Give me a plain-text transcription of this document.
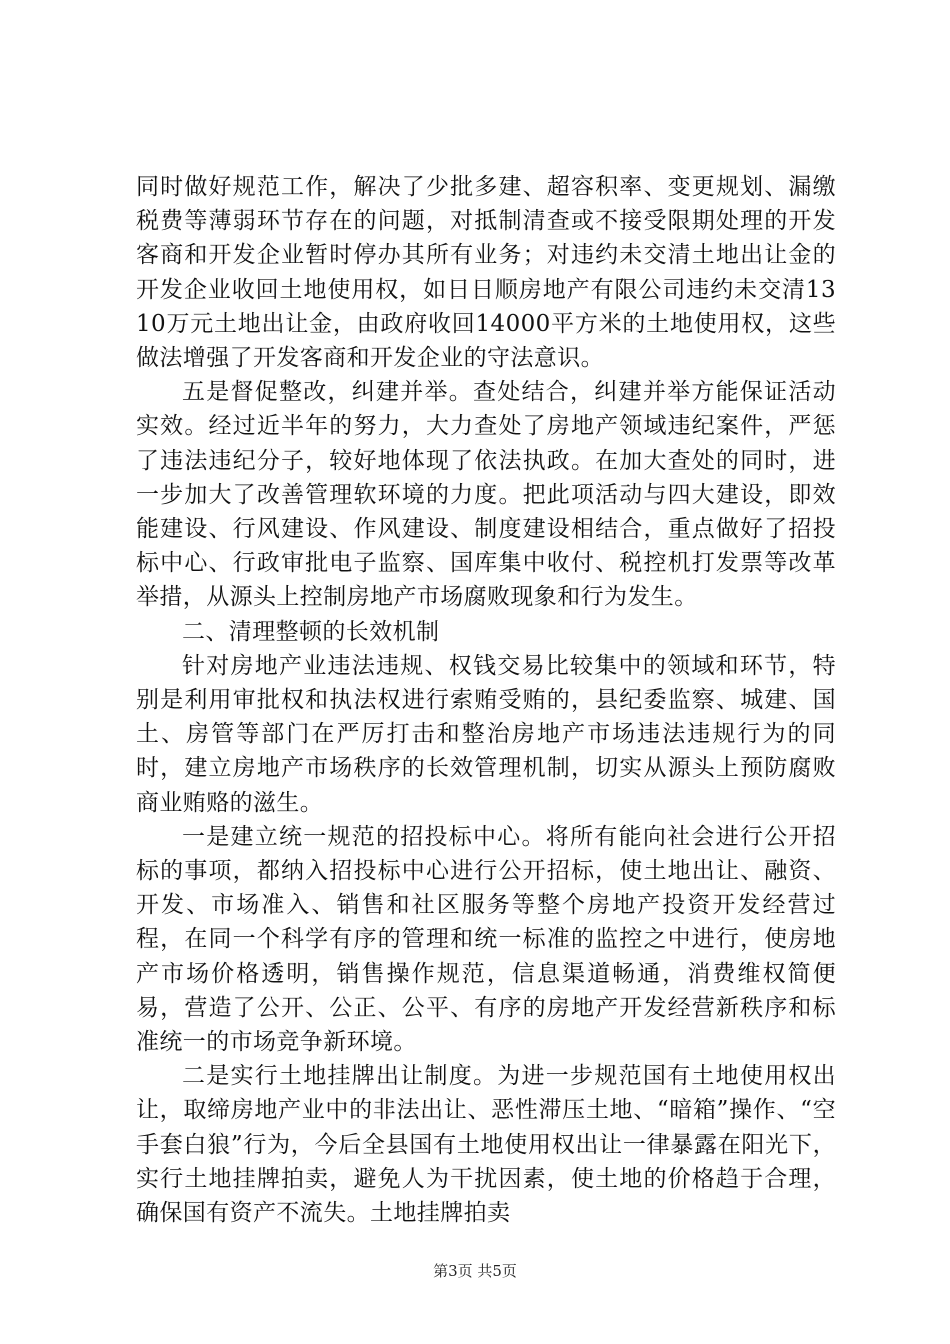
同时做好规范工作，解决了少批多建、超容积率、变更规划、漏缴税费等薄弱环节存在的问题，对抵制清查或不接受限期处理的开发客商和开发企业暂时停办其所有业务；对违约未交清土地出让金的开发企业收回土地使用权，如日日顺房地产有限公司违约未交清1310万元土地出让金，由政府收回14000平方米的土地使用权，这些做法增强了开发客商和开发企业的守法意识。

五是督促整改，纠建并举。查处结合，纠建并举方能保证活动实效。经过近半年的努力，大力查处了房地产领域违纪案件，严惩了违法违纪分子，较好地体现了依法执政。在加大查处的同时，进一步加大了改善管理软环境的力度。把此项活动与四大建设，即效能建设、行风建设、作风建设、制度建设相结合，重点做好了招投标中心、行政审批电子监察、国库集中收付、税控机打发票等改革举措，从源头上控制房地产市场腐败现象和行为发生。

二、清理整顿的长效机制

针对房地产业违法违规、权钱交易比较集中的领域和环节，特别是利用审批权和执法权进行索贿受贿的，县纪委监察、城建、国土、房管等部门在严厉打击和整治房地产市场违法违规行为的同时，建立房地产市场秩序的长效管理机制，切实从源头上预防腐败商业贿赂的滋生。

一是建立统一规范的招投标中心。将所有能向社会进行公开招标的事项，都纳入招投标中心进行公开招标，使土地出让、融资、开发、市场准入、销售和社区服务等整个房地产投资开发经营过程，在同一个科学有序的管理和统一标准的监控之中进行，使房地产市场价格透明，销售操作规范，信息渠道畅通，消费维权简便易，营造了公开、公正、公平、有序的房地产开发经营新秩序和标准统一的市场竞争新环境。

二是实行土地挂牌出让制度。为进一步规范国有土地使用权出让，取缔房地产业中的非法出让、恶性滞压土地、“暗箱”操作、“空手套白狼”行为，今后全县国有土地使用权出让一律暴露在阳光下，实行土地挂牌拍卖，避免人为干扰因素，使土地的价格趋于合理，确保国有资产不流失。土地挂牌拍卖

第3页 共5页
